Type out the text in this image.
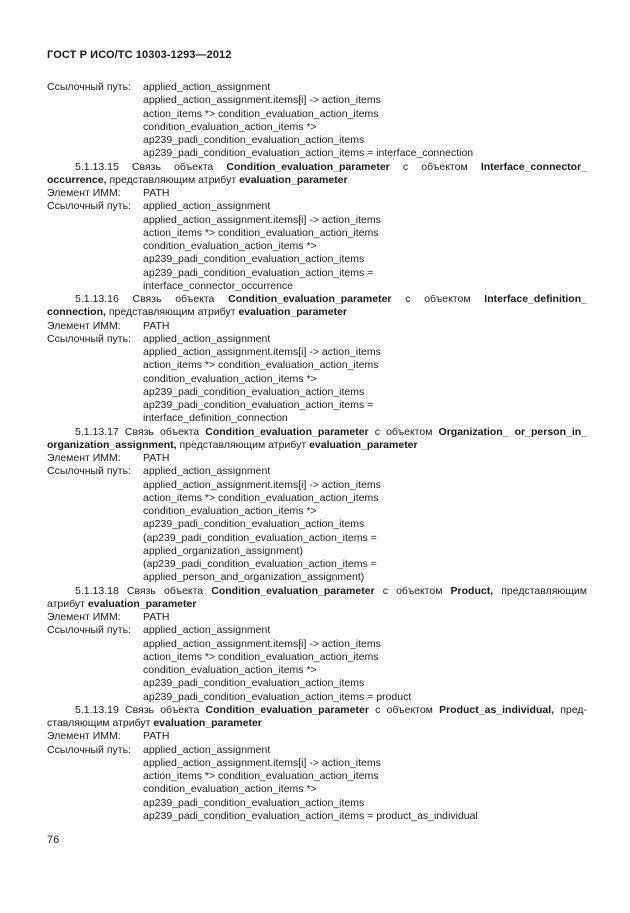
ГОСТ Р ИСО/ТС 10303-1293—2012
Ссылочный путь:	applied_action_assignment
applied_action_assignment.items[i] -> action_items
action_items *> condition_evaluation_action_items
condition_evaluation_action_items *>
ap239_padi_condition_evaluation_action_items
ap239_padi_condition_evaluation_action_items = interface_connection
5.1.13.15 Связь объекта Condition_evaluation_parameter с объектом Interface_connector_
occurrence, представляющим атрибут evaluation_parameter
Элемент ИММ:	PATH
Ссылочный путь:	applied_action_assignment
applied_action_assignment.items[i] -> action_items
action_items *> condition_evaluation_action_items
condition_evaluation_action_items *>
ap239_padi_condition_evaluation_action_items
ap239_padi_condition_evaluation_action_items =
interface_connector_occurrence
5.1.13.16 Связь объекта Condition_evaluation_parameter с объектом Interface_definition_
connection, представляющим атрибут evaluation_parameter
Элемент ИММ:	PATH
Ссылочный путь:	applied_action_assignment
applied_action_assignment.items[i] -> action_items
action_items *> condition_evaluation_action_items
condition_evaluation_action_items *>
ap239_padi_condition_evaluation_action_items
ap239_padi_condition_evaluation_action_items =
interface_definition_connection
5.1.13.17 Связь объекта Condition_evaluation_parameter с объектом Organization_ or_person_in_
organization_assignment, представляющим атрибут evaluation_parameter
Элемент ИММ:	PATH
Ссылочный путь:	applied_action_assignment
applied_action_assignment.items[i] -> action_items
action_items *> condition_evaluation_action_items
condition_evaluation_action_items *>
ap239_padi_condition_evaluation_action_items
(ap239_padi_condition_evaluation_action_items =
applied_organization_assignment)
(ap239_padi_condition_evaluation_action_items =
applied_person_and_organization_assignment)
5.1.13.18 Связь объекта Condition_evaluation_parameter с объектом Product, представляющим
атрибут evaluation_parameter
Элемент ИММ:	PATH
Ссылочный путь:	applied_action_assignment
applied_action_assignment.items[i] -> action_items
action_items *> condition_evaluation_action_items
condition_evaluation_action_items *>
ap239_padi_condition_evaluation_action_items
ap239_padi_condition_evaluation_action_items = product
5.1.13.19 Связь объекта Condition_evaluation_parameter с объектом Product_as_individual, пред-
ставляющим атрибут evaluation_parameter
Элемент ИММ:	PATH
Ссылочный путь:	applied_action_assignment
applied_action_assignment.items[i] -> action_items
action_items *> condition_evaluation_action_items
condition_evaluation_action_items *>
ap239_padi_condition_evaluation_action_items
ap239_padi_condition_evaluation_action_items = product_as_individual
76
